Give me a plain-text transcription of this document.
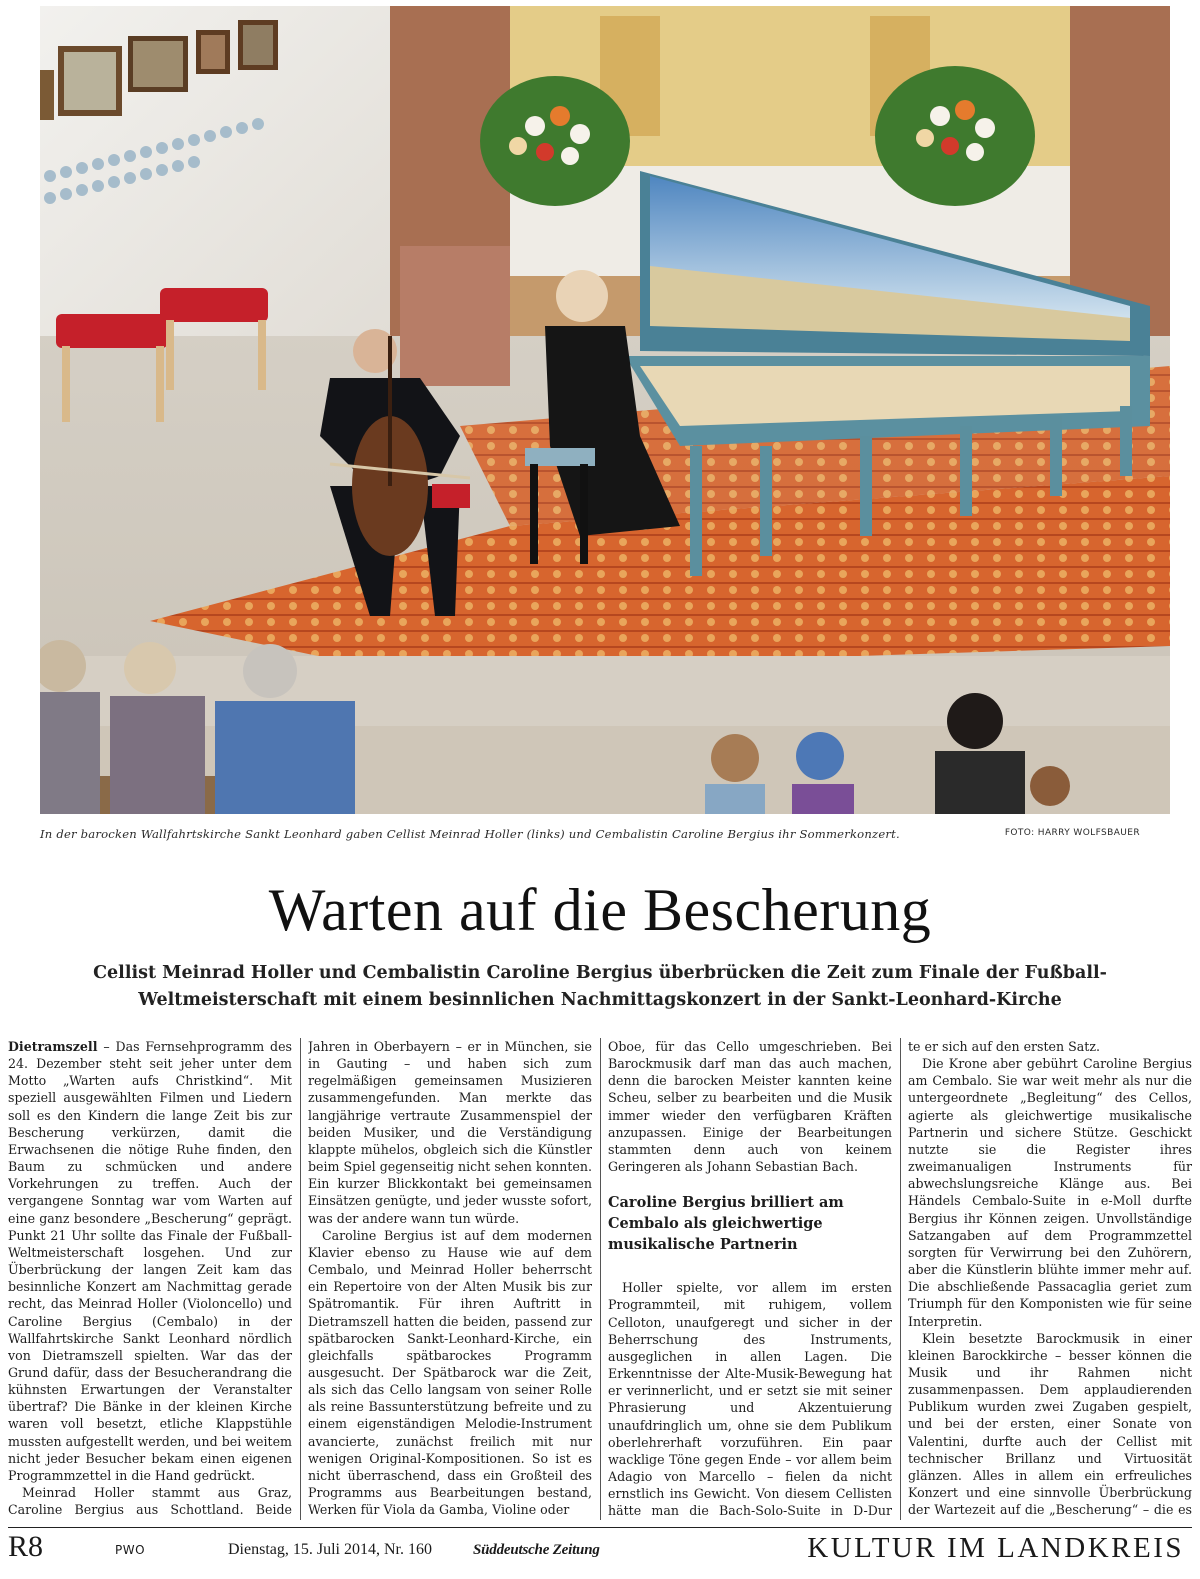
In der barocken Wallfahrtskirche Sankt Leonhard gaben Cellist Meinrad Holler (links) und Cembalistin Caroline Bergius ihr Sommerkonzert.	FOTO: HARRY WOLFSBAUER
Warten auf die Bescherung
Cellist Meinrad Holler und Cembalistin Caroline Bergius überbrücken die Zeit zum Finale der Fußball-Weltmeisterschaft mit einem besinnlichen Nachmittagskonzert in der Sankt-Leonhard-Kirche

Dietramszell – Das Fernsehprogramm des 24. Dezember steht seit jeher unter dem Motto „Warten aufs Christkind“. Mit speziell ausgewählten Filmen und Liedern soll es den Kindern die lange Zeit bis zur Bescherung verkürzen, damit die Erwachsenen die nötige Ruhe finden, den Baum zu schmücken und andere Vorkehrungen zu treffen. Auch der vergangene Sonntag war vom Warten auf eine ganz besondere „Bescherung“ geprägt. Punkt 21 Uhr sollte das Finale der Fußball-Weltmeisterschaft losgehen. Und zur Überbrückung der langen Zeit kam das besinnliche Konzert am Nachmittag gerade recht, das Meinrad Holler (Violoncello) und Caroline Bergius (Cembalo) in der Wallfahrtskirche Sankt Leonhard nördlich von Dietramszell spielten. War das der Grund dafür, dass der Besucherandrang die kühnsten Erwartungen der Veranstalter übertraf? Die Bänke in der kleinen Kirche waren voll besetzt, etliche Klappstühle mussten aufgestellt werden, und bei weitem nicht jeder Besucher bekam einen eigenen Programmzettel in die Hand gedrückt.

Meinrad Holler stammt aus Graz, Caroline Bergius aus Schottland. Beide

Jahren in Oberbayern – er in München, sie in Gauting – und haben sich zum regelmäßigen gemeinsamen Musizieren zusammengefunden. Man merkte das langjährige vertraute Zusammenspiel der beiden Musiker, und die Verständigung klappte mühelos, obgleich sich die Künstler beim Spiel gegenseitig nicht sehen konnten. Ein kurzer Blickkontakt bei gemeinsamen Einsätzen genügte, und jeder wusste sofort, was der andere wann tun würde.

Caroline Bergius ist auf dem modernen Klavier ebenso zu Hause wie auf dem Cembalo, und Meinrad Holler beherrscht ein Repertoire von der Alten Musik bis zur Spätromantik. Für ihren Auftritt in Dietramszell hatten die beiden, passend zur spätbarocken Sankt-Leonhard-Kirche, ein gleichfalls spätbarockes Programm ausgesucht. Der Spätbarock war die Zeit, als sich das Cello langsam von seiner Rolle als reine Bassunterstützung befreite und zu einem eigenständigen Melodie-Instrument avancierte, zunächst freilich mit nur wenigen Original-Kompositionen. So ist es nicht überraschend, dass ein Großteil des Programms aus Bearbeitungen bestand, Werken für Viola da Gamba, Violine oder

Oboe, für das Cello umgeschrieben. Bei Barockmusik darf man das auch machen, denn die barocken Meister kannten keine Scheu, selber zu bearbeiten und die Musik immer wieder den verfügbaren Kräften anzupassen. Einige der Bearbeitungen stammten denn auch von keinem Geringeren als Johann Sebastian Bach.

Caroline Bergius brilliert am Cembalo als gleichwertige musikalische Partnerin

Holler spielte, vor allem im ersten Programmteil, mit ruhigem, vollem Celloton, unaufgeregt und sicher in der Beherrschung des Instruments, ausgeglichen in allen Lagen. Die Erkenntnisse der Alte-Musik-Bewegung hat er verinnerlicht, und er setzt sie mit seiner Phrasierung und Akzentuierung unaufdringlich um, ohne sie dem Publikum oberlehrerhaft vorzuführen. Ein paar wacklige Töne gegen Ende – vor allem beim Adagio von Marcello – fielen da nicht ernstlich ins Gewicht. Von diesem Cellisten hätte man die Bach-Solo-Suite in D-Dur

te er sich auf den ersten Satz.

Die Krone aber gebührt Caroline Bergius am Cembalo. Sie war weit mehr als nur die untergeordnete „Begleitung“ des Cellos, agierte als gleichwertige musikalische Partnerin und sichere Stütze. Geschickt nutzte sie die Register ihres zweimanualigen Instruments für abwechslungsreiche Klänge aus. Bei Händels Cembalo-Suite in e-Moll durfte Bergius ihr Können zeigen. Unvollständige Satzangaben auf dem Programmzettel sorgten für Verwirrung bei den Zuhörern, aber die Künstlerin blühte immer mehr auf. Die abschließende Passacaglia geriet zum Triumph für den Komponisten wie für seine Interpretin.

Klein besetzte Barockmusik in einer kleinen Barockkirche – besser können die Musik und ihr Rahmen nicht zusammenpassen. Dem applaudierenden Publikum wurden zwei Zugaben gespielt, und bei der ersten, einer Sonate von Valentini, durfte auch der Cellist mit technischer Brillanz und Virtuosität glänzen. Alles in allem ein erfreuliches Konzert und eine sinnvolle Überbrückung der Wartezeit auf die „Bescherung“ – die es

R8	PWO	Dienstag, 15. Juli 2014, Nr. 160	Süddeutsche Zeitung	KULTUR IM LANDKREIS
